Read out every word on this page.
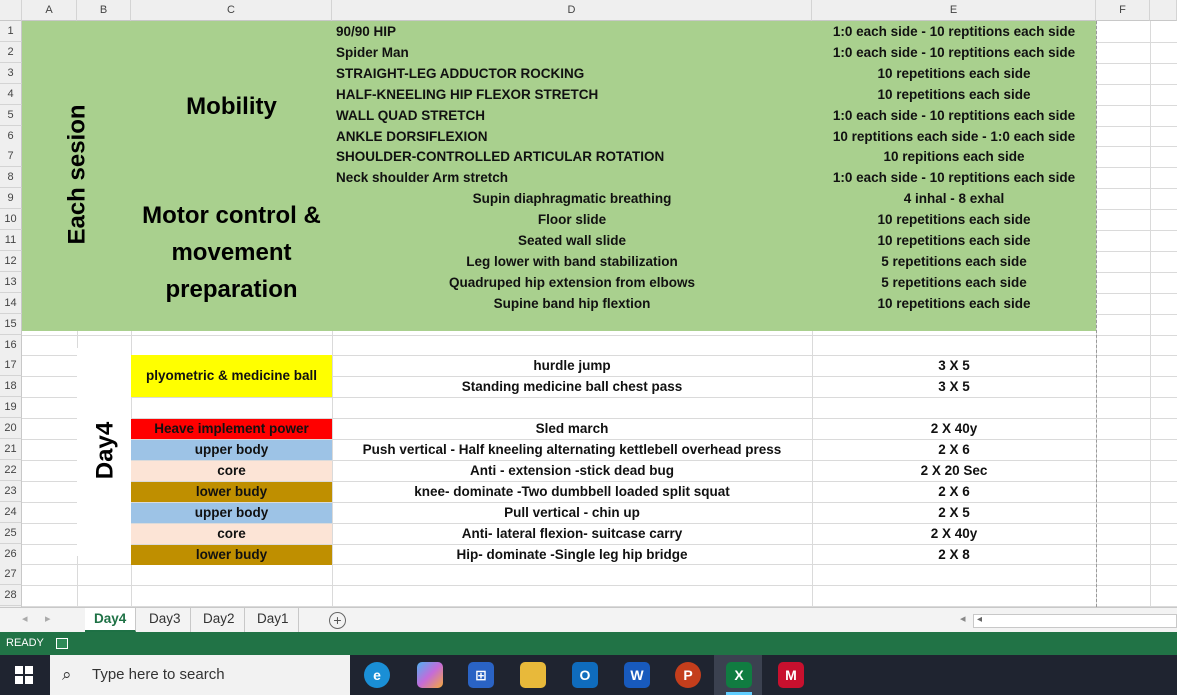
A	B	C	D	E	F
1
2
3
4
5
6
7
8
9
10
11
12
13
14
15
16
17
18
19
20
21
22
23
24
25
26
27
28
Each sesion	Mobility
Motor control & movement preparation
90/90 HIP	1:0 each side - 10 reptitions each side
Spider Man	1:0 each side - 10 reptitions each side
STRAIGHT-LEG ADDUCTOR ROCKING	10 repetitions each side
HALF-KNEELING HIP FLEXOR STRETCH	10 repetitions each side
WALL QUAD STRETCH	1:0 each side - 10 reptitions each side
ANKLE DORSIFLEXION	10 reptitions each side - 1:0 each side
SHOULDER-CONTROLLED ARTICULAR ROTATION	10 repitions each side
Neck shoulder Arm stretch	1:0 each side - 10 reptitions each side
Supin diaphragmatic breathing	4 inhal - 8 exhal
Floor slide	10 repetitions each side
Seated wall slide	10 repetitions each side
Leg lower with band stabilization	5 repetitions each side
Quadruped hip extension from elbows	5 repetitions each side
Supine band hip flextion	10 repetitions each side
Day4
plyometric & medicine ball
hurdle jump	3 X 5
Standing medicine ball chest pass	3 X 5
Heave implement power	Sled march	2 X 40y
upper body	Push vertical - Half kneeling alternating kettlebell overhead press	2 X 6
core	Anti - extension -stick dead bug	2 X 20 Sec
lower budy	knee- dominate -Two dumbbell loaded split squat	2 X 6
upper body	Pull vertical - chin up	2 X 5
core	Anti- lateral flexion- suitcase carry	2 X 40y
lower budy	Hip- dominate -Single leg hip bridge	2 X 8
◂ ▸	Day4	Day3	Day2	Day1	+	◂ ◂
READY
⌕ Type here to search	e	⊞	O	W	P	X	M
